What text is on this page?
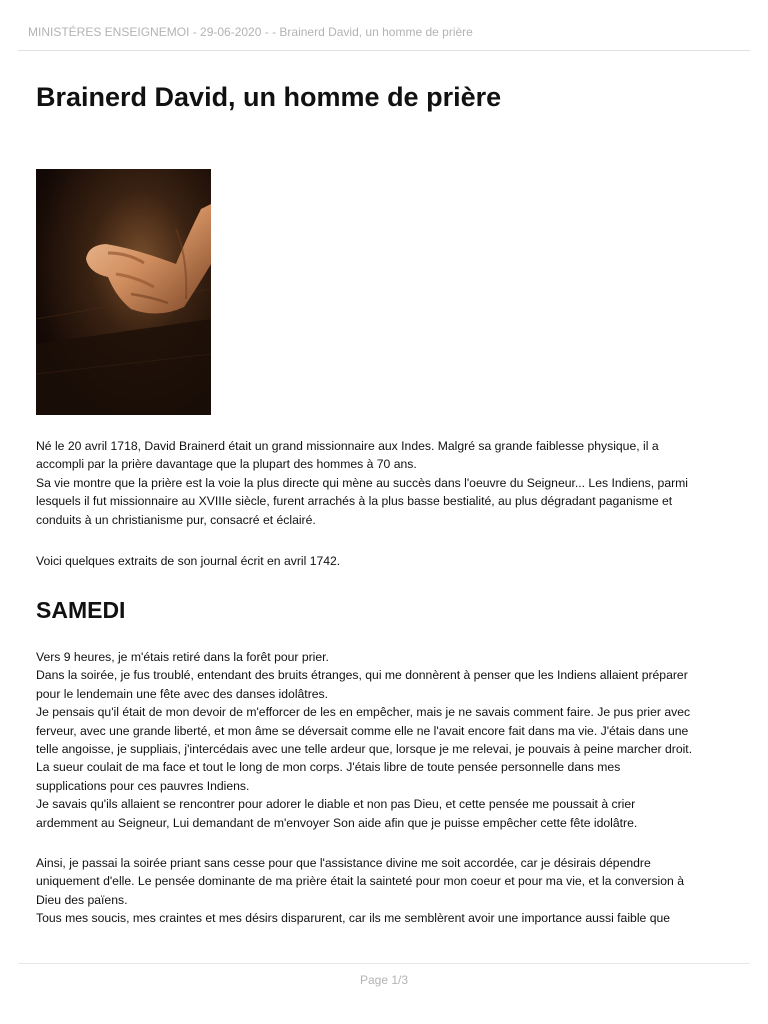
MINISTÉRES ENSEIGNEMOI - 29-06-2020 - - Brainerd David, un homme de prière
Brainerd David, un homme de prière
Né le 20 avril 1718, David Brainerd était un grand missionnaire aux Indes. Malgré sa grande faiblesse physique, il a
accompli par la prière davantage que la plupart des hommes à 70 ans.
Sa vie montre que la prière est la voie la plus directe qui mène au succès dans l'oeuvre du Seigneur... Les Indiens, parmi
lesquels il fut missionnaire au XVIIIe siècle, furent arrachés à la plus basse bestialité, au plus dégradant paganisme et
conduits à un christianisme pur, consacré et éclairé.
Voici quelques extraits de son journal écrit en avril 1742.
SAMEDI
Vers 9 heures, je m'étais retiré dans la forêt pour prier.
Dans la soirée, je fus troublé, entendant des bruits étranges, qui me donnèrent à penser que les Indiens allaient préparer
pour le lendemain une fête avec des danses idolâtres.
Je pensais qu'il était de mon devoir de m'efforcer de les en empêcher, mais je ne savais comment faire. Je pus prier avec
ferveur, avec une grande liberté, et mon âme se déversait comme elle ne l'avait encore fait dans ma vie. J'étais dans une
telle angoisse, je suppliais, j'intercédais avec une telle ardeur que, lorsque je me relevai, je pouvais à peine marcher droit.
La sueur coulait de ma face et tout le long de mon corps. J'étais libre de toute pensée personnelle dans mes
supplications pour ces pauvres Indiens.
Je savais qu'ils allaient se rencontrer pour adorer le diable et non pas Dieu, et cette pensée me poussait à crier
ardemment au Seigneur, Lui demandant de m'envoyer Son aide afin que je puisse empêcher cette fête idolâtre.
Ainsi, je passai la soirée priant sans cesse pour que l'assistance divine me soit accordée, car je désirais dépendre
uniquement d'elle. Le pensée dominante de ma prière était la sainteté pour mon coeur et pour ma vie, et la conversion à
Dieu des païens.
Tous mes soucis, mes craintes et mes désirs disparurent, car ils me semblèrent avoir une importance aussi faible que
Page 1/3
